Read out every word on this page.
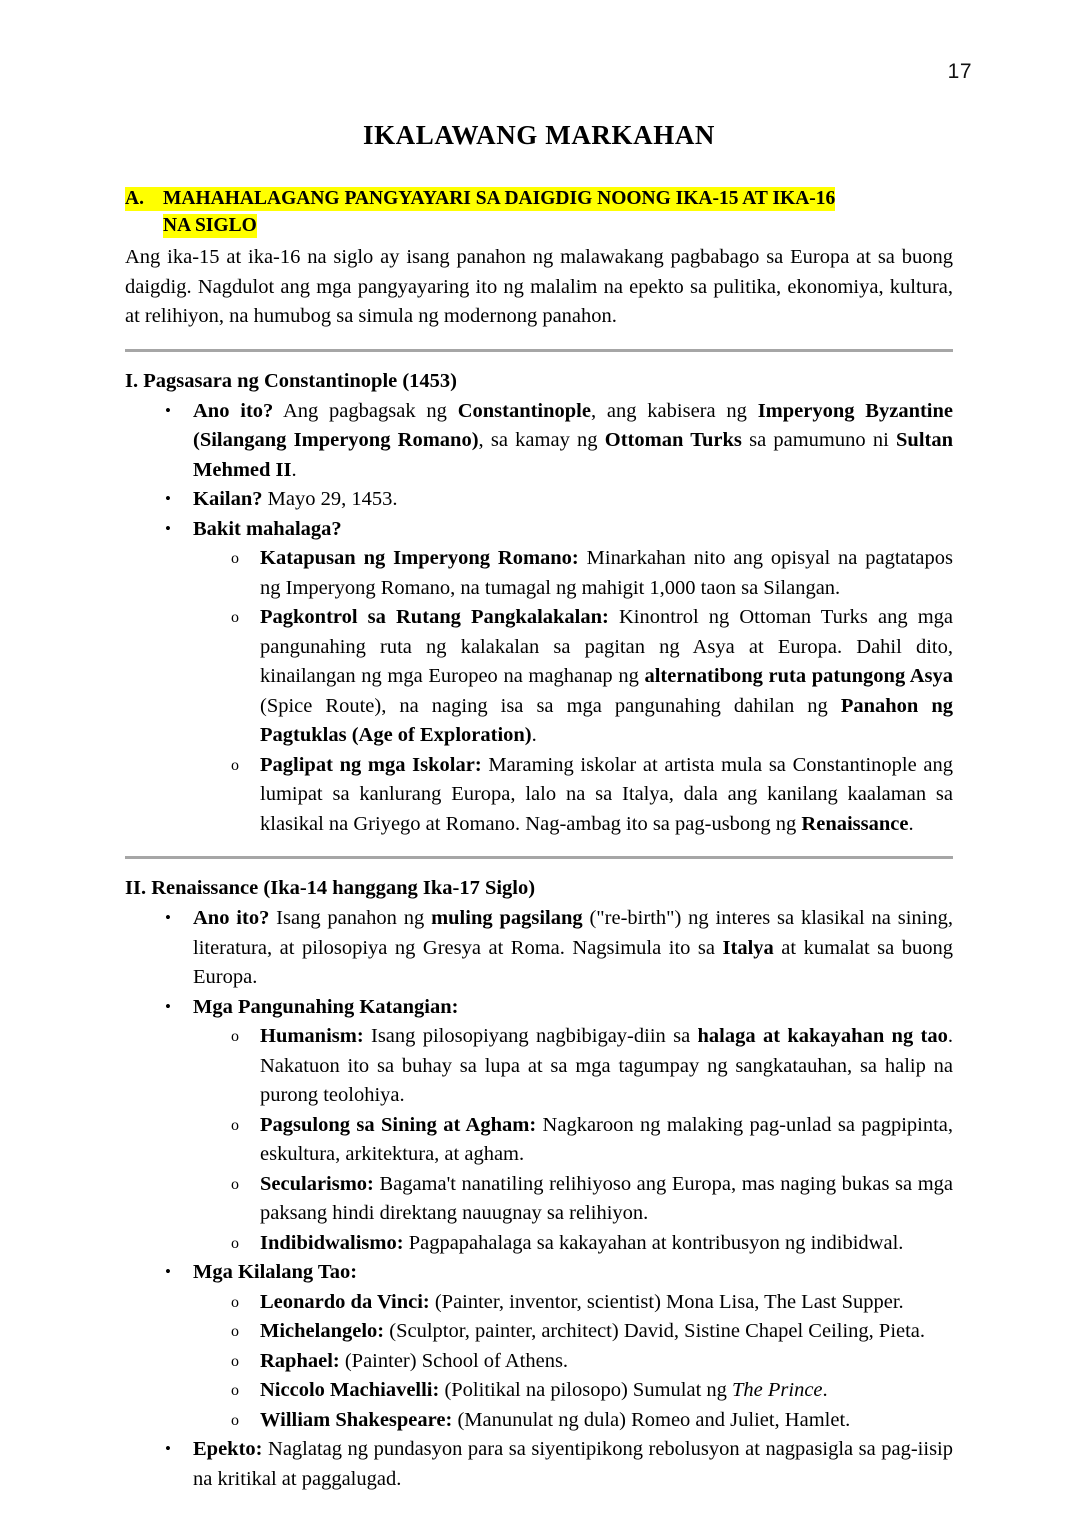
17
IKALAWANG MARKAHAN
A. MAHAHALAGANG PANGYAYARI SA DAIGDIG NOONG IKA-15 AT IKA-16
NA SIGLO

Ang ika-15 at ika-16 na siglo ay isang panahon ng malawakang pagbabago sa Europa at sa buong daigdig. Nagdulot ang mga pangyayaring ito ng malalim na epekto sa pulitika, ekonomiya, kultura, at relihiyon, na humubog sa simula ng modernong panahon.

I. Pagsasara ng Constantinople (1453)
• Ano ito? Ang pagbagsak ng Constantinople, ang kabisera ng Imperyong Byzantine (Silangang Imperyong Romano), sa kamay ng Ottoman Turks sa pamumuno ni Sultan Mehmed II.
• Kailan? Mayo 29, 1453.
• Bakit mahalaga?
o Katapusan ng Imperyong Romano: Minarkahan nito ang opisyal na pagtatapos ng Imperyong Romano, na tumagal ng mahigit 1,000 taon sa Silangan.
o Pagkontrol sa Rutang Pangkalakalan: Kinontrol ng Ottoman Turks ang mga pangunahing ruta ng kalakalan sa pagitan ng Asya at Europa. Dahil dito, kinailangan ng mga Europeo na maghanap ng alternatibong ruta patungong Asya (Spice Route), na naging isa sa mga pangunahing dahilan ng Panahon ng Pagtuklas (Age of Exploration).
o Paglipat ng mga Iskolar: Maraming iskolar at artista mula sa Constantinople ang lumipat sa kanlurang Europa, lalo na sa Italya, dala ang kanilang kaalaman sa klasikal na Griyego at Romano. Nag-ambag ito sa pag-usbong ng Renaissance.
II. Renaissance (Ika-14 hanggang Ika-17 Siglo)
• Ano ito? Isang panahon ng muling pagsilang ("re-birth") ng interes sa klasikal na sining, literatura, at pilosopiya ng Gresya at Roma. Nagsimula ito sa Italya at kumalat sa buong Europa.
• Mga Pangunahing Katangian:
o Humanism: Isang pilosopiyang nagbibigay-diin sa halaga at kakayahan ng tao. Nakatuon ito sa buhay sa lupa at sa mga tagumpay ng sangkatauhan, sa halip na purong teolohiya.
o Pagsulong sa Sining at Agham: Nagkaroon ng malaking pag-unlad sa pagpipinta, eskultura, arkitektura, at agham.
o Secularismo: Bagama't nanatiling relihiyoso ang Europa, mas naging bukas sa mga paksang hindi direktang nauugnay sa relihiyon.
o Indibidwalismo: Pagpapahalaga sa kakayahan at kontribusyon ng indibidwal.
• Mga Kilalang Tao:
o Leonardo da Vinci: (Painter, inventor, scientist) Mona Lisa, The Last Supper.
o Michelangelo: (Sculptor, painter, architect) David, Sistine Chapel Ceiling, Pieta.
o Raphael: (Painter) School of Athens.
o Niccolo Machiavelli: (Politikal na pilosopo) Sumulat ng The Prince.
o William Shakespeare: (Manunulat ng dula) Romeo and Juliet, Hamlet.
• Epekto: Naglatag ng pundasyon para sa siyentipikong rebolusyon at nagpasigla sa pag-iisip na kritikal at paggalugad.
